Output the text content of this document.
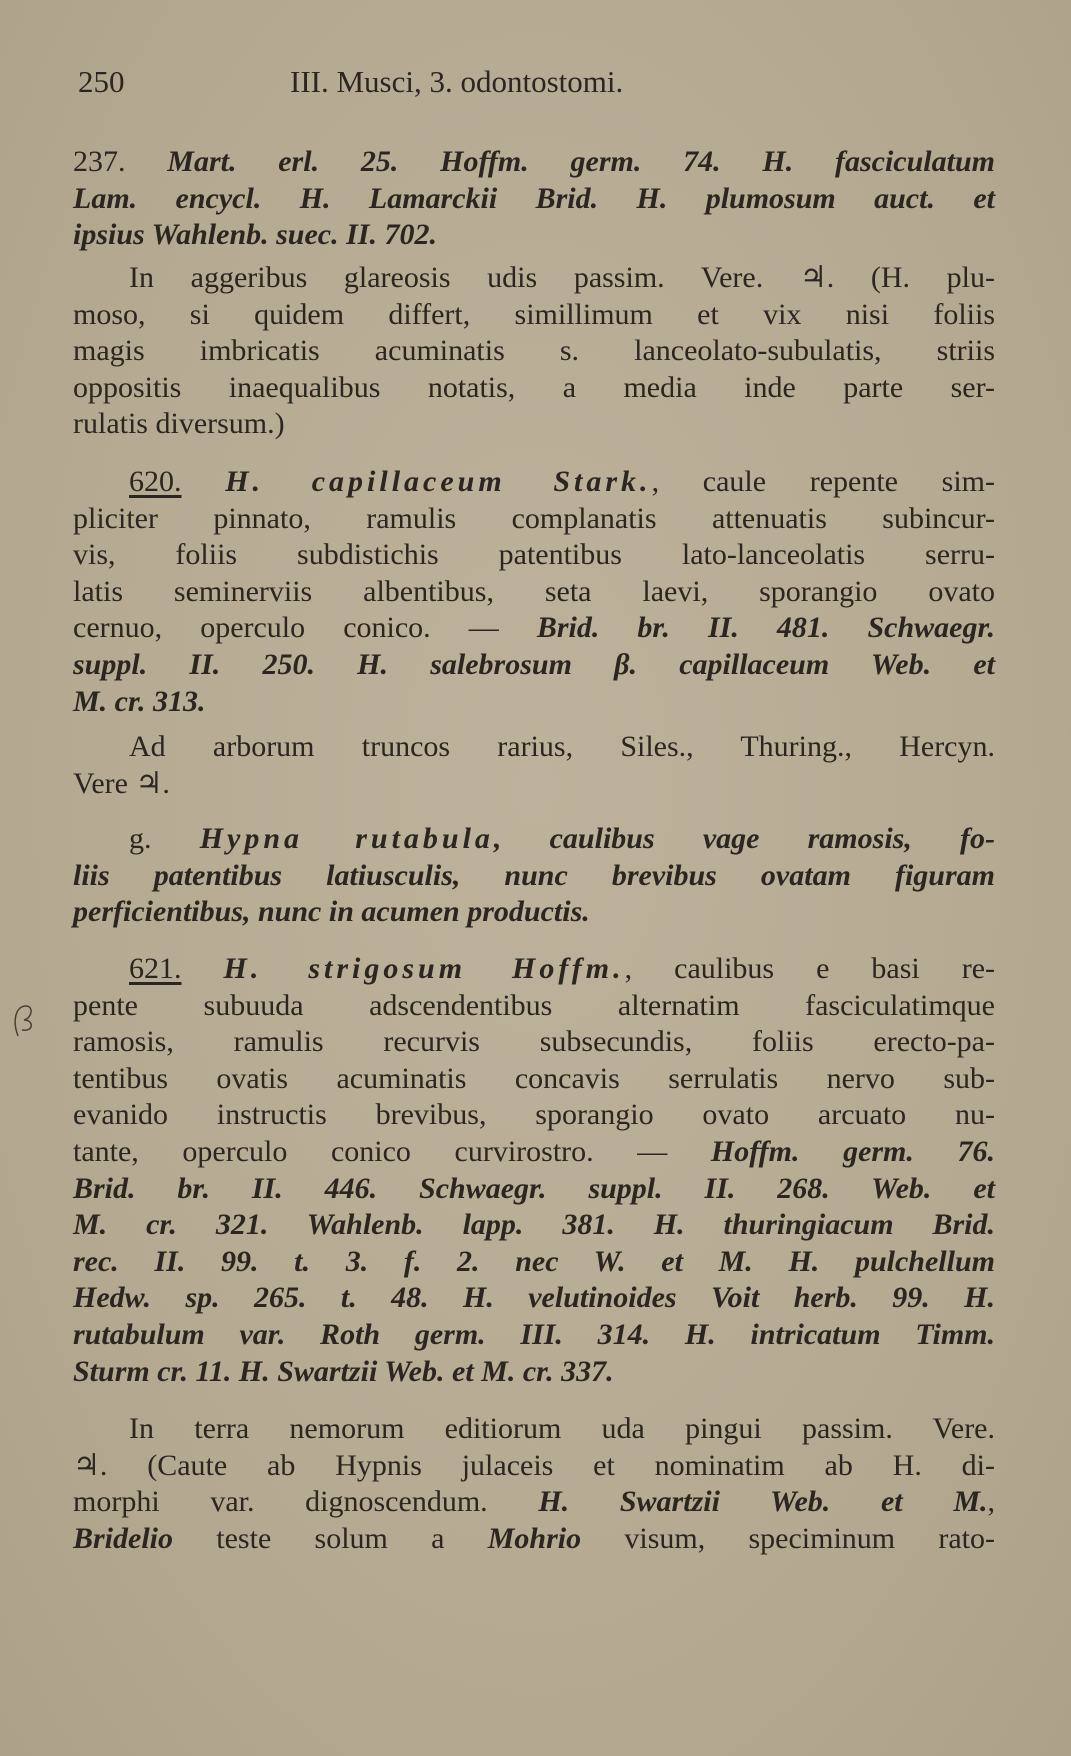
250	III. Musci, 3. odontostomi.
237. Mart. erl. 25. Hoffm. germ. 74. H. fasciculatum
Lam. encycl. H. Lamarckii Brid. H. plumosum auct. et
ipsius Wahlenb. suec. II. 702.
In aggeribus glareosis udis passim. Vere. ♃. (H. plu-
moso, si quidem differt, simillimum et vix nisi foliis
magis imbricatis acuminatis s. lanceolato-subulatis, striis
oppositis inaequalibus notatis, a media inde parte ser-
rulatis diversum.)
620. H. capillaceum Stark., caule repente sim-
pliciter pinnato, ramulis complanatis attenuatis subincur-
vis, foliis subdistichis patentibus lato-lanceolatis serru-
latis seminerviis albentibus, seta laevi, sporangio ovato
cernuo, operculo conico. — Brid. br. II. 481. Schwaegr.
suppl. II. 250. H. salebrosum β. capillaceum Web. et
M. cr. 313.
Ad arborum truncos rarius, Siles., Thuring., Hercyn.
Vere ♃.
g. Hypna rutabula, caulibus vage ramosis, fo-
liis patentibus latiusculis, nunc brevibus ovatam figuram
perficientibus, nunc in acumen productis.
621. H. strigosum Hoffm., caulibus e basi re-
pente subuuda adscendentibus alternatim fasciculatimque
ramosis, ramulis recurvis subsecundis, foliis erecto-pa-
tentibus ovatis acuminatis concavis serrulatis nervo sub-
evanido instructis brevibus, sporangio ovato arcuato nu-
tante, operculo conico curvirostro. — Hoffm. germ. 76.
Brid. br. II. 446. Schwaegr. suppl. II. 268. Web. et
M. cr. 321. Wahlenb. lapp. 381. H. thuringiacum Brid.
rec. II. 99. t. 3. f. 2. nec W. et M. H. pulchellum
Hedw. sp. 265. t. 48. H. velutinoides Voit herb. 99. H.
rutabulum var. Roth germ. III. 314. H. intricatum Timm.
Sturm cr. 11. H. Swartzii Web. et M. cr. 337.
In terra nemorum editiorum uda pingui passim. Vere.
♃. (Caute ab Hypnis julaceis et nominatim ab H. di-
morphi var. dignoscendum. H. Swartzii Web. et M.,
Bridelio teste solum a Mohrio visum, speciminum rato-
